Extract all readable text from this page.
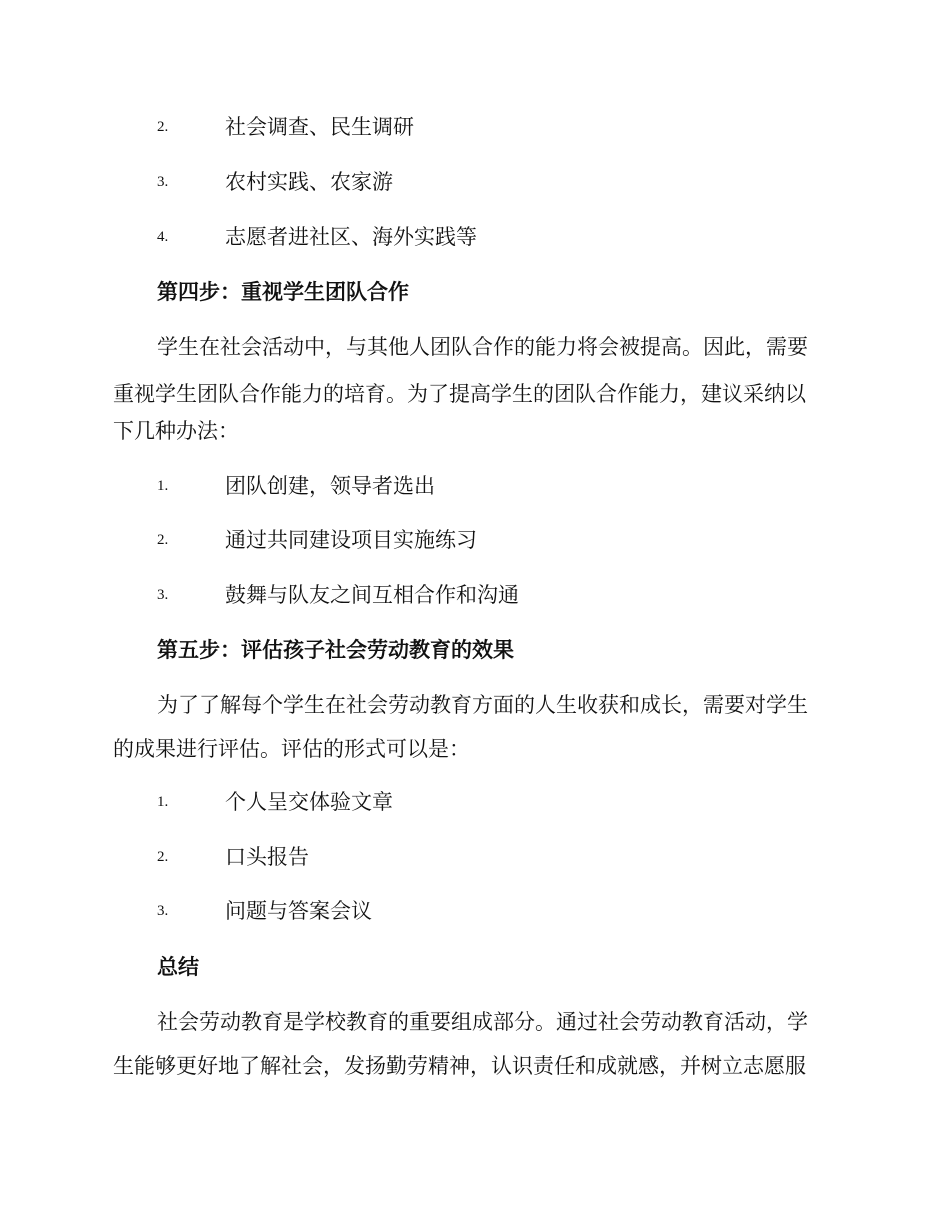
2.	社会调查、民生调研
3.	农村实践、农家游
4.	志愿者进社区、海外实践等
第四步：重视学生团队合作
学生在社会活动中，与其他人团队合作的能力将会被提高。因此，需要
重视学生团队合作能力的培育。为了提高学生的团队合作能力，建议采纳以
下几种办法：
1.	团队创建，领导者选出
2.	通过共同建设项目实施练习
3.	鼓舞与队友之间互相合作和沟通
第五步：评估孩子社会劳动教育的效果
为了了解每个学生在社会劳动教育方面的人生收获和成长，需要对学生
的成果进行评估。评估的形式可以是：
1.	个人呈交体验文章
2.	口头报告
3.	问题与答案会议
总结
社会劳动教育是学校教育的重要组成部分。通过社会劳动教育活动，学
生能够更好地了解社会，发扬勤劳精神，认识责任和成就感，并树立志愿服
